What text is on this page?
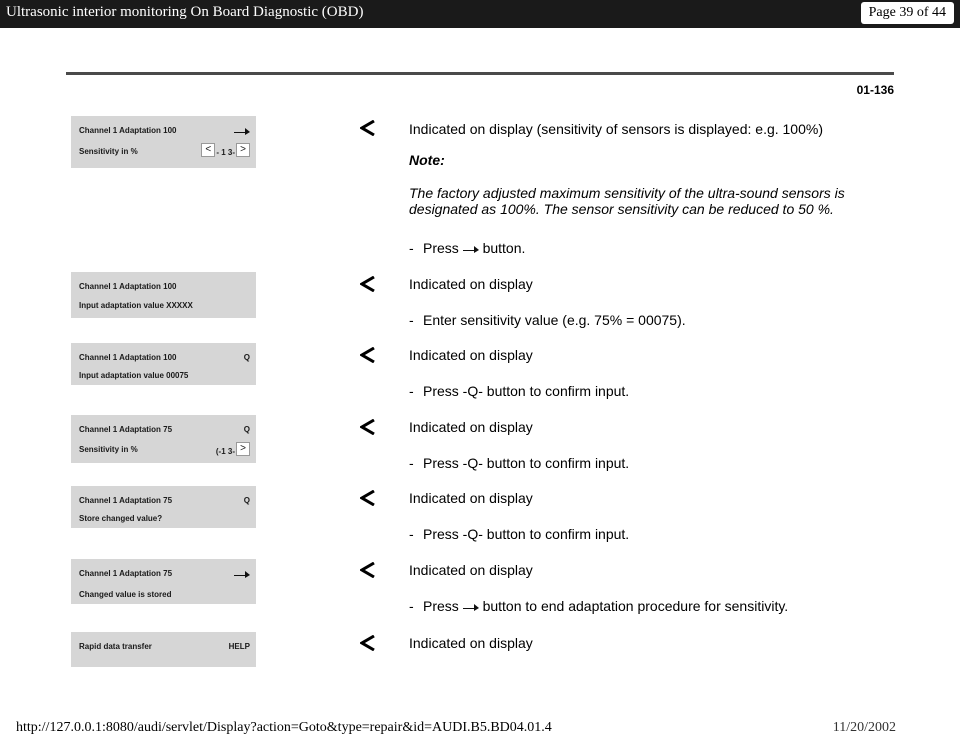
Ultrasonic interior monitoring On Board Diagnostic (OBD)	Page 39 of 44
01-136
Channel 1 Adaptation 100
Sensitivity in %	< - 1 3- >
Channel 1 Adaptation 100
Input adaptation value XXXXX
Channel 1 Adaptation 100	Q
Input adaptation value 00075
Channel 1 Adaptation 75	Q
Sensitivity in %	(-1 3- >
Channel 1 Adaptation 75	Q
Store changed value?
Channel 1 Adaptation 75
Changed value is stored
Rapid data transfer	HELP
Indicated on display (sensitivity of sensors is displayed: e.g. 100%)
Note:
The factory adjusted maximum sensitivity of the ultra-sound sensors is designated as 100%. The sensor sensitivity can be reduced to 50 %.
- Press button.
Indicated on display
- Enter sensitivity value (e.g. 75% = 00075).
Indicated on display
- Press -Q- button to confirm input.
Indicated on display
- Press -Q- button to confirm input.
Indicated on display
- Press -Q- button to confirm input.
Indicated on display
- Press button to end adaptation procedure for sensitivity.
Indicated on display
http://127.0.0.1:8080/audi/servlet/Display?action=Goto&type=repair&id=AUDI.B5.BD04.01.4	11/20/2002
